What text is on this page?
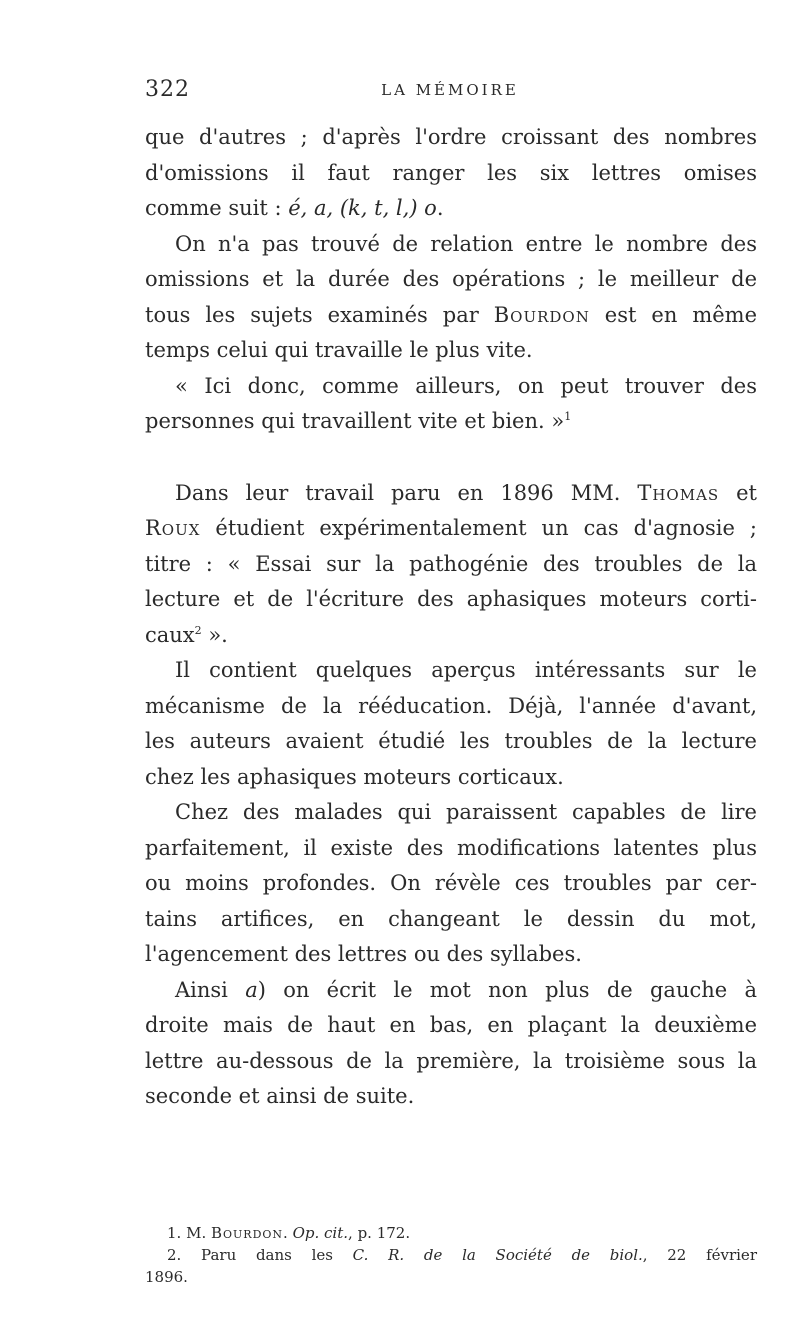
322	LA MÉMOIRE
que d'autres ; d'après l'ordre croissant des nombres
d'omissions il faut ranger les six lettres omises
comme suit : é, a, (k, t, l,) o.
On n'a pas trouvé de relation entre le nombre des
omissions et la durée des opérations ; le meilleur de
tous les sujets examinés par Bourdon est en même
temps celui qui travaille le plus vite.
« Ici donc, comme ailleurs, on peut trouver des
personnes qui travaillent vite et bien. »$^1$
Dans leur travail paru en 1896 MM. Thomas et
Roux étudient expérimentalement un cas d'agnosie ;
titre : « Essai sur la pathogénie des troubles de la
lecture et de l'écriture des aphasiques moteurs corti-
caux$^2$ ».
Il contient quelques aperçus intéressants sur le
mécanisme de la rééducation. Déjà, l'année d'avant,
les auteurs avaient étudié les troubles de la lecture
chez les aphasiques moteurs corticaux.
Chez des malades qui paraissent capables de lire
parfaitement, il existe des modifications latentes plus
ou moins profondes. On révèle ces troubles par cer-
tains artifices, en changeant le dessin du mot,
l'agencement des lettres ou des syllabes.
Ainsi a) on écrit le mot non plus de gauche à
droite mais de haut en bas, en plaçant la deuxième
lettre au-dessous de la première, la troisième sous la
seconde et ainsi de suite.
1. M. Bourdon. Op. cit., p. 172.
2. Paru dans les C. R. de la Société de biol., 22 février
1896.
